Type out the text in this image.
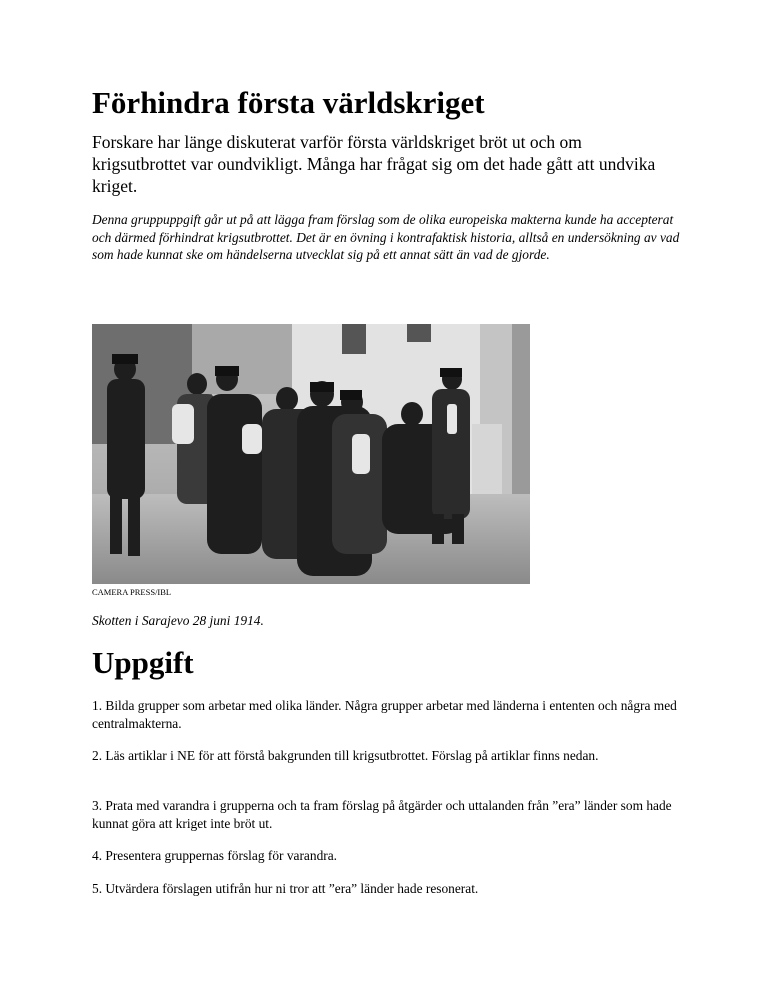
Förhindra första världskriget

Forskare har länge diskuterat varför första världskriget bröt ut och om krigsutbrottet var oundvikligt. Många har frågat sig om det hade gått att undvika kriget.

Denna gruppuppgift går ut på att lägga fram förslag som de olika europeiska makterna kunde ha accepterat och därmed förhindrat krigsutbrottet. Det är en övning i kontrafaktisk historia, alltså en undersökning av vad som hade kunnat ske om händelserna utvecklat sig på ett annat sätt än vad de gjorde.

CAMERA PRESS/IBL

Skotten i Sarajevo 28 juni 1914.

Uppgift

1. Bilda grupper som arbetar med olika länder. Några grupper arbetar med länderna i ententen och några med centralmakterna.

2. Läs artiklar i NE för att förstå bakgrunden till krigsutbrottet. Förslag på artiklar finns nedan.

3. Prata med varandra i grupperna och ta fram förslag på åtgärder och uttalanden från ”era” länder som hade kunnat göra att kriget inte bröt ut.

4. Presentera gruppernas förslag för varandra.

5. Utvärdera förslagen utifrån hur ni tror att ”era” länder hade resonerat.
